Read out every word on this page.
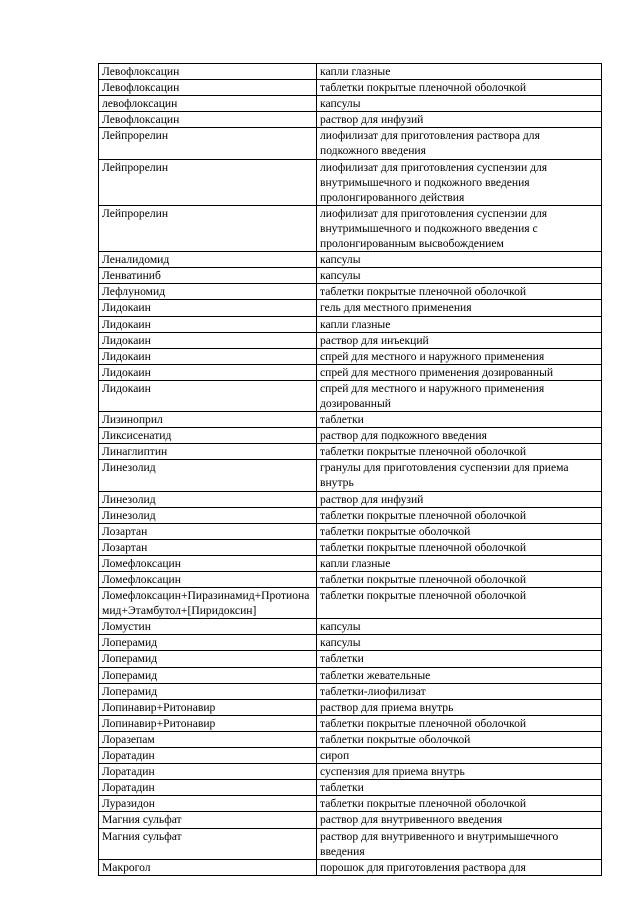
Левофлоксацин	капли глазные
Левофлоксацин	таблетки покрытые пленочной оболочкой
левофлоксацин	капсулы
Левофлоксацин	раствор для инфузий
Лейпрорелин	лиофилизат для приготовления раствора для подкожного введения
Лейпрорелин	лиофилизат для приготовления суспензии для внутримышечного и подкожного введения пролонгированного действия
Лейпрорелин	лиофилизат для приготовления суспензии для внутримышечного и подкожного введения с пролонгированным высвобождением
Леналидомид	капсулы
Ленватиниб	капсулы
Лефлуномид	таблетки покрытые пленочной оболочкой
Лидокаин	гель для местного применения
Лидокаин	капли глазные
Лидокаин	раствор для инъекций
Лидокаин	спрей для местного и наружного применения
Лидокаин	спрей для местного применения дозированный
Лидокаин	спрей для местного и наружного применения дозированный
Лизиноприл	таблетки
Ликсисенатид	раствор для подкожного введения
Линаглиптин	таблетки покрытые пленочной оболочкой
Линезолид	гранулы для приготовления суспензии для приема внутрь
Линезолид	раствор для инфузий
Линезолид	таблетки покрытые пленочной оболочкой
Лозартан	таблетки покрытые оболочкой
Лозартан	таблетки покрытые пленочной оболочкой
Ломефлоксацин	капли глазные
Ломефлоксацин	таблетки покрытые пленочной оболочкой
Ломефлоксацин+Пиразинамид+Протионамид+Этамбутол+[Пиридоксин]	таблетки покрытые пленочной оболочкой
Ломустин	капсулы
Лоперамид	капсулы
Лоперамид	таблетки
Лоперамид	таблетки жевательные
Лоперамид	таблетки-лиофилизат
Лопинавир+Ритонавир	раствор для приема внутрь
Лопинавир+Ритонавир	таблетки покрытые пленочной оболочкой
Лоразепам	таблетки покрытые оболочкой
Лоратадин	сироп
Лоратадин	суспензия для приема внутрь
Лоратадин	таблетки
Луразидон	таблетки покрытые пленочной оболочкой
Магния сульфат	раствор для внутривенного введения
Магния сульфат	раствор для внутривенного и внутримышечного введения
Макрогол	порошок для приготовления раствора для
